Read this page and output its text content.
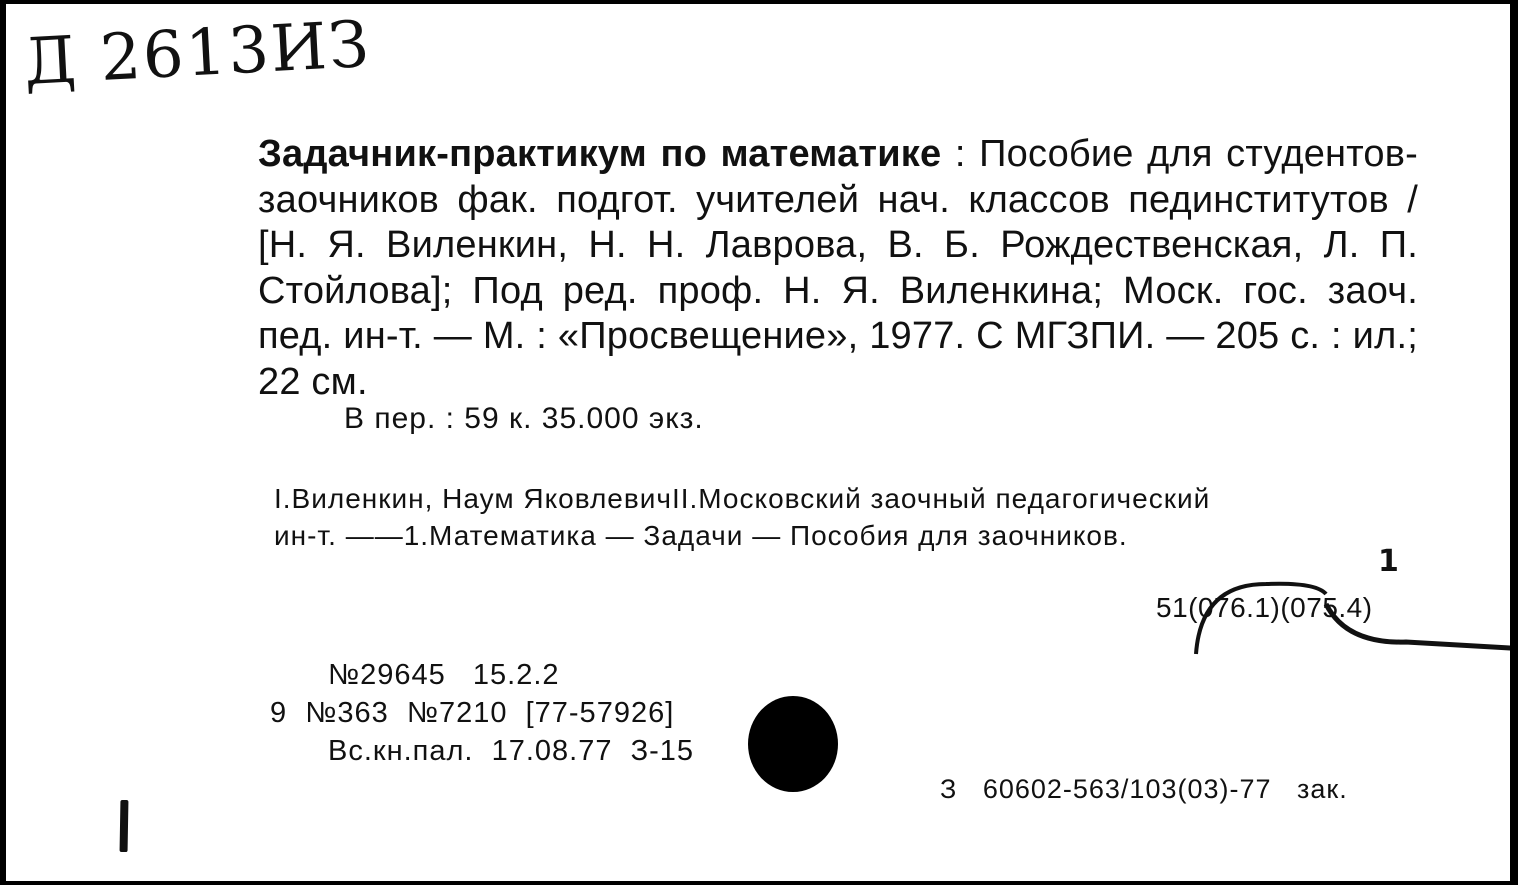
Д 2613ИЗ
Задачник-практикум по математике : Пособие для студентов-заочников фак. подгот. учителей нач. классов пединститутов / [Н. Я. Виленкин, Н. Н. Лаврова, В. Б. Рождественская, Л. П. Стойлова]; Под ред. проф. Н. Я. Виленкина; Моск. гос. заоч. пед. ин-т. — М. : «Просвещение», 1977. С МГЗПИ. — 205 с. : ил.; 22 см.
В пер. : 59 к. 35.000 экз.
I.Виленкин, Наум ЯковлевичII.Московский заочный педагогический
ин-т. ——1.Математика — Задачи — Пособия для заочников.
1
51(076.1)(075.4)
№29645   15.2.2
9  №363  №7210  [77-57926]
Вс.кн.пал.  17.08.77  З-15
З   60602-563/103(03)-77   зак.
